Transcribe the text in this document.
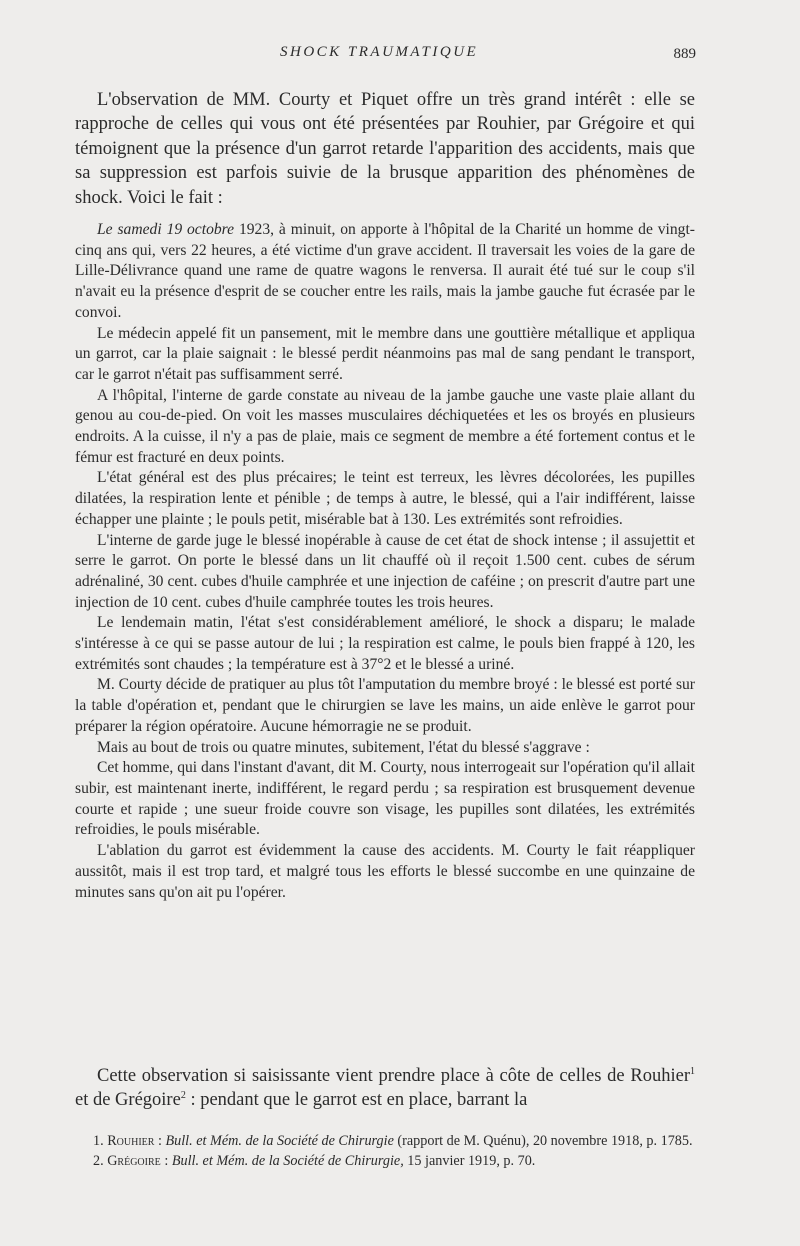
SHOCK TRAUMATIQUE	889

L'observation de MM. Courty et Piquet offre un très grand intérêt : elle se rapproche de celles qui vous ont été présentées par Rouhier, par Grégoire et qui témoignent que la présence d'un garrot retarde l'apparition des accidents, mais que sa suppression est parfois suivie de la brusque apparition des phénomènes de shock. Voici le fait :

Le samedi 19 octobre 1923, à minuit, on apporte à l'hôpital de la Charité un homme de vingt-cinq ans qui, vers 22 heures, a été victime d'un grave accident. Il traversait les voies de la gare de Lille-Délivrance quand une rame de quatre wagons le renversa. Il aurait été tué sur le coup s'il n'avait eu la présence d'esprit de se coucher entre les rails, mais la jambe gauche fut écrasée par le convoi.

Le médecin appelé fit un pansement, mit le membre dans une gouttière métallique et appliqua un garrot, car la plaie saignait : le blessé perdit néanmoins pas mal de sang pendant le transport, car le garrot n'était pas suffisamment serré.

A l'hôpital, l'interne de garde constate au niveau de la jambe gauche une vaste plaie allant du genou au cou-de-pied. On voit les masses musculaires déchiquetées et les os broyés en plusieurs endroits. A la cuisse, il n'y a pas de plaie, mais ce segment de membre a été fortement contus et le fémur est fracturé en deux points.

L'état général est des plus précaires; le teint est terreux, les lèvres décolorées, les pupilles dilatées, la respiration lente et pénible ; de temps à autre, le blessé, qui a l'air indifférent, laisse échapper une plainte ; le pouls petit, misérable bat à 130. Les extrémités sont refroidies.

L'interne de garde juge le blessé inopérable à cause de cet état de shock intense ; il assujettit et serre le garrot. On porte le blessé dans un lit chauffé où il reçoit 1.500 cent. cubes de sérum adrénaliné, 30 cent. cubes d'huile camphrée et une injection de caféine ; on prescrit d'autre part une injection de 10 cent. cubes d'huile camphrée toutes les trois heures.

Le lendemain matin, l'état s'est considérablement amélioré, le shock a disparu; le malade s'intéresse à ce qui se passe autour de lui ; la respiration est calme, le pouls bien frappé à 120, les extrémités sont chaudes ; la température est à 37°2 et le blessé a uriné.

M. Courty décide de pratiquer au plus tôt l'amputation du membre broyé : le blessé est porté sur la table d'opération et, pendant que le chirurgien se lave les mains, un aide enlève le garrot pour préparer la région opératoire. Aucune hémorragie ne se produit.

Mais au bout de trois ou quatre minutes, subitement, l'état du blessé s'aggrave :

Cet homme, qui dans l'instant d'avant, dit M. Courty, nous interrogeait sur l'opération qu'il allait subir, est maintenant inerte, indifférent, le regard perdu ; sa respiration est brusquement devenue courte et rapide ; une sueur froide couvre son visage, les pupilles sont dilatées, les extrémités refroidies, le pouls misérable.

L'ablation du garrot est évidemment la cause des accidents. M. Courty le fait réappliquer aussitôt, mais il est trop tard, et malgré tous les efforts le blessé succombe en une quinzaine de minutes sans qu'on ait pu l'opérer.

Cette observation si saisissante vient prendre place à côte de celles de Rouhier$^1$ et de Grégoire$^2$ : pendant que le garrot est en place, barrant la

1. Rouhier : Bull. et Mém. de la Société de Chirurgie (rapport de M. Quénu), 20 novembre 1918, p. 1785.

2. Grégoire : Bull. et Mém. de la Société de Chirurgie, 15 janvier 1919, p. 70.
